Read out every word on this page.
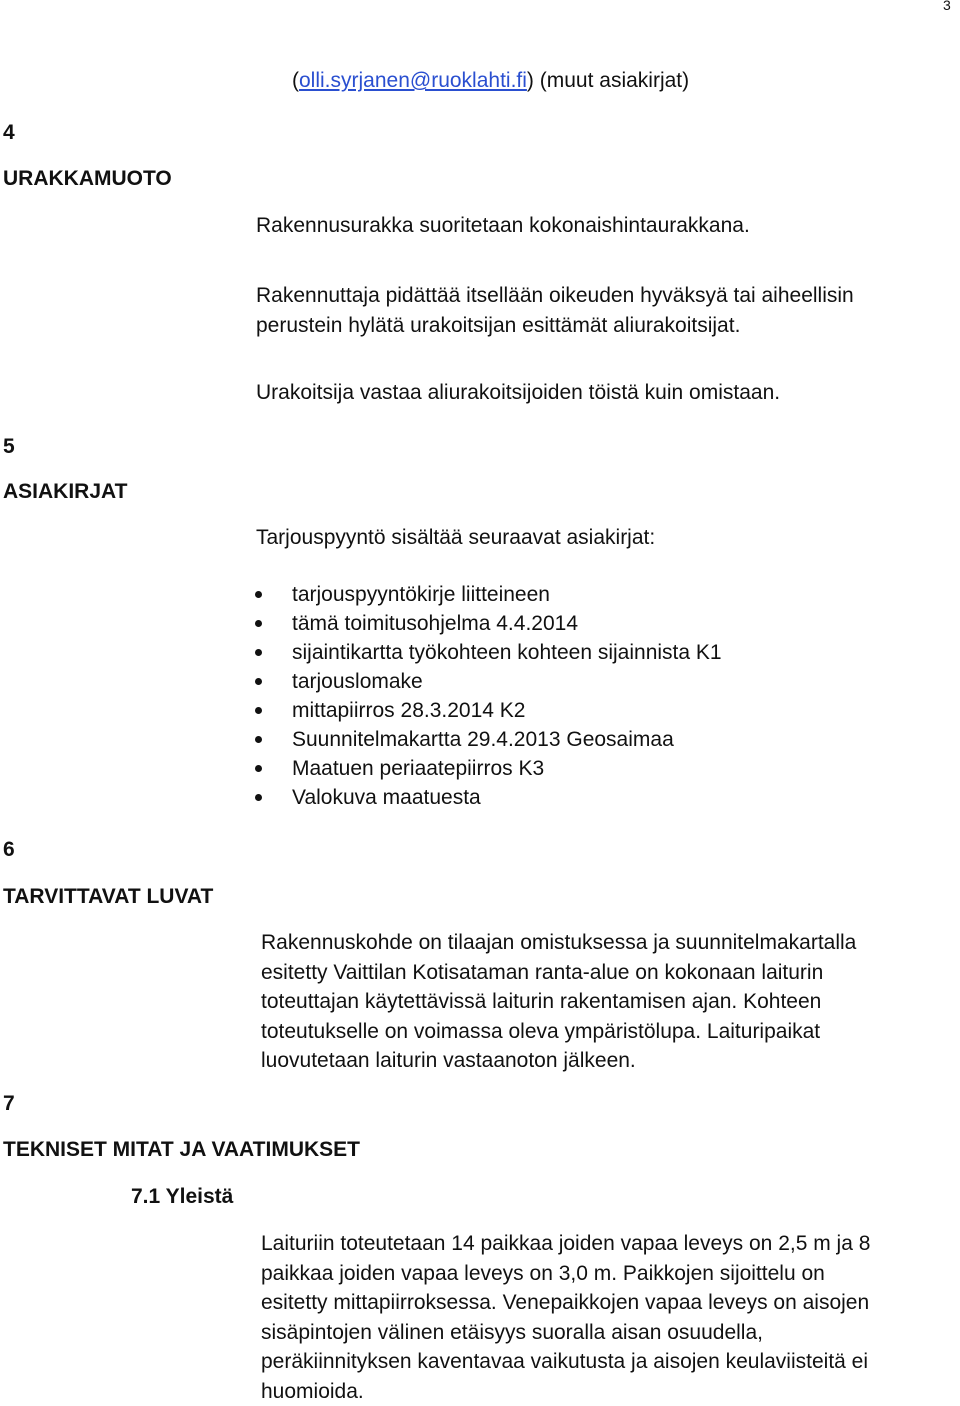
3
(olli.syrjanen@ruoklahti.fi) (muut asiakirjat)
4
URAKKAMUOTO
Rakennusurakka suoritetaan kokonaishintaurakkana.
Rakennuttaja pidättää itsellään oikeuden hyväksyä tai aiheellisin
perustein hylätä urakoitsijan esittämät aliurakoitsijat.
Urakoitsija vastaa aliurakoitsijoiden töistä kuin omistaan.
5
ASIAKIRJAT
Tarjouspyyntö sisältää seuraavat asiakirjat:
tarjouspyyntökirje liitteineen
tämä toimitusohjelma 4.4.2014
sijaintikartta työkohteen kohteen sijainnista K1
tarjouslomake
mittapiirros 28.3.2014 K2
Suunnitelmakartta 29.4.2013 Geosaimaa
Maatuen periaatepiirros K3
Valokuva maatuesta
6
TARVITTAVAT LUVAT
Rakennuskohde on tilaajan omistuksessa ja suunnitelmakartalla
esitetty Vaittilan Kotisataman ranta-alue on kokonaan laiturin
toteuttajan käytettävissä laiturin rakentamisen ajan. Kohteen
toteutukselle on voimassa oleva ympäristölupa. Laituripaikat
luovutetaan laiturin vastaanoton jälkeen.
7
TEKNISET MITAT JA VAATIMUKSET
7.1 Yleistä
Laituriin toteutetaan 14 paikkaa joiden vapaa leveys on 2,5 m ja 8
paikkaa joiden vapaa leveys on 3,0 m. Paikkojen sijoittelu on
esitetty mittapiirroksessa. Venepaikkojen vapaa leveys on aisojen
sisäpintojen välinen etäisyys suoralla aisan osuudella,
peräkiinnityksen kaventavaa vaikutusta ja aisojen keulaviisteitä ei
huomioida.
